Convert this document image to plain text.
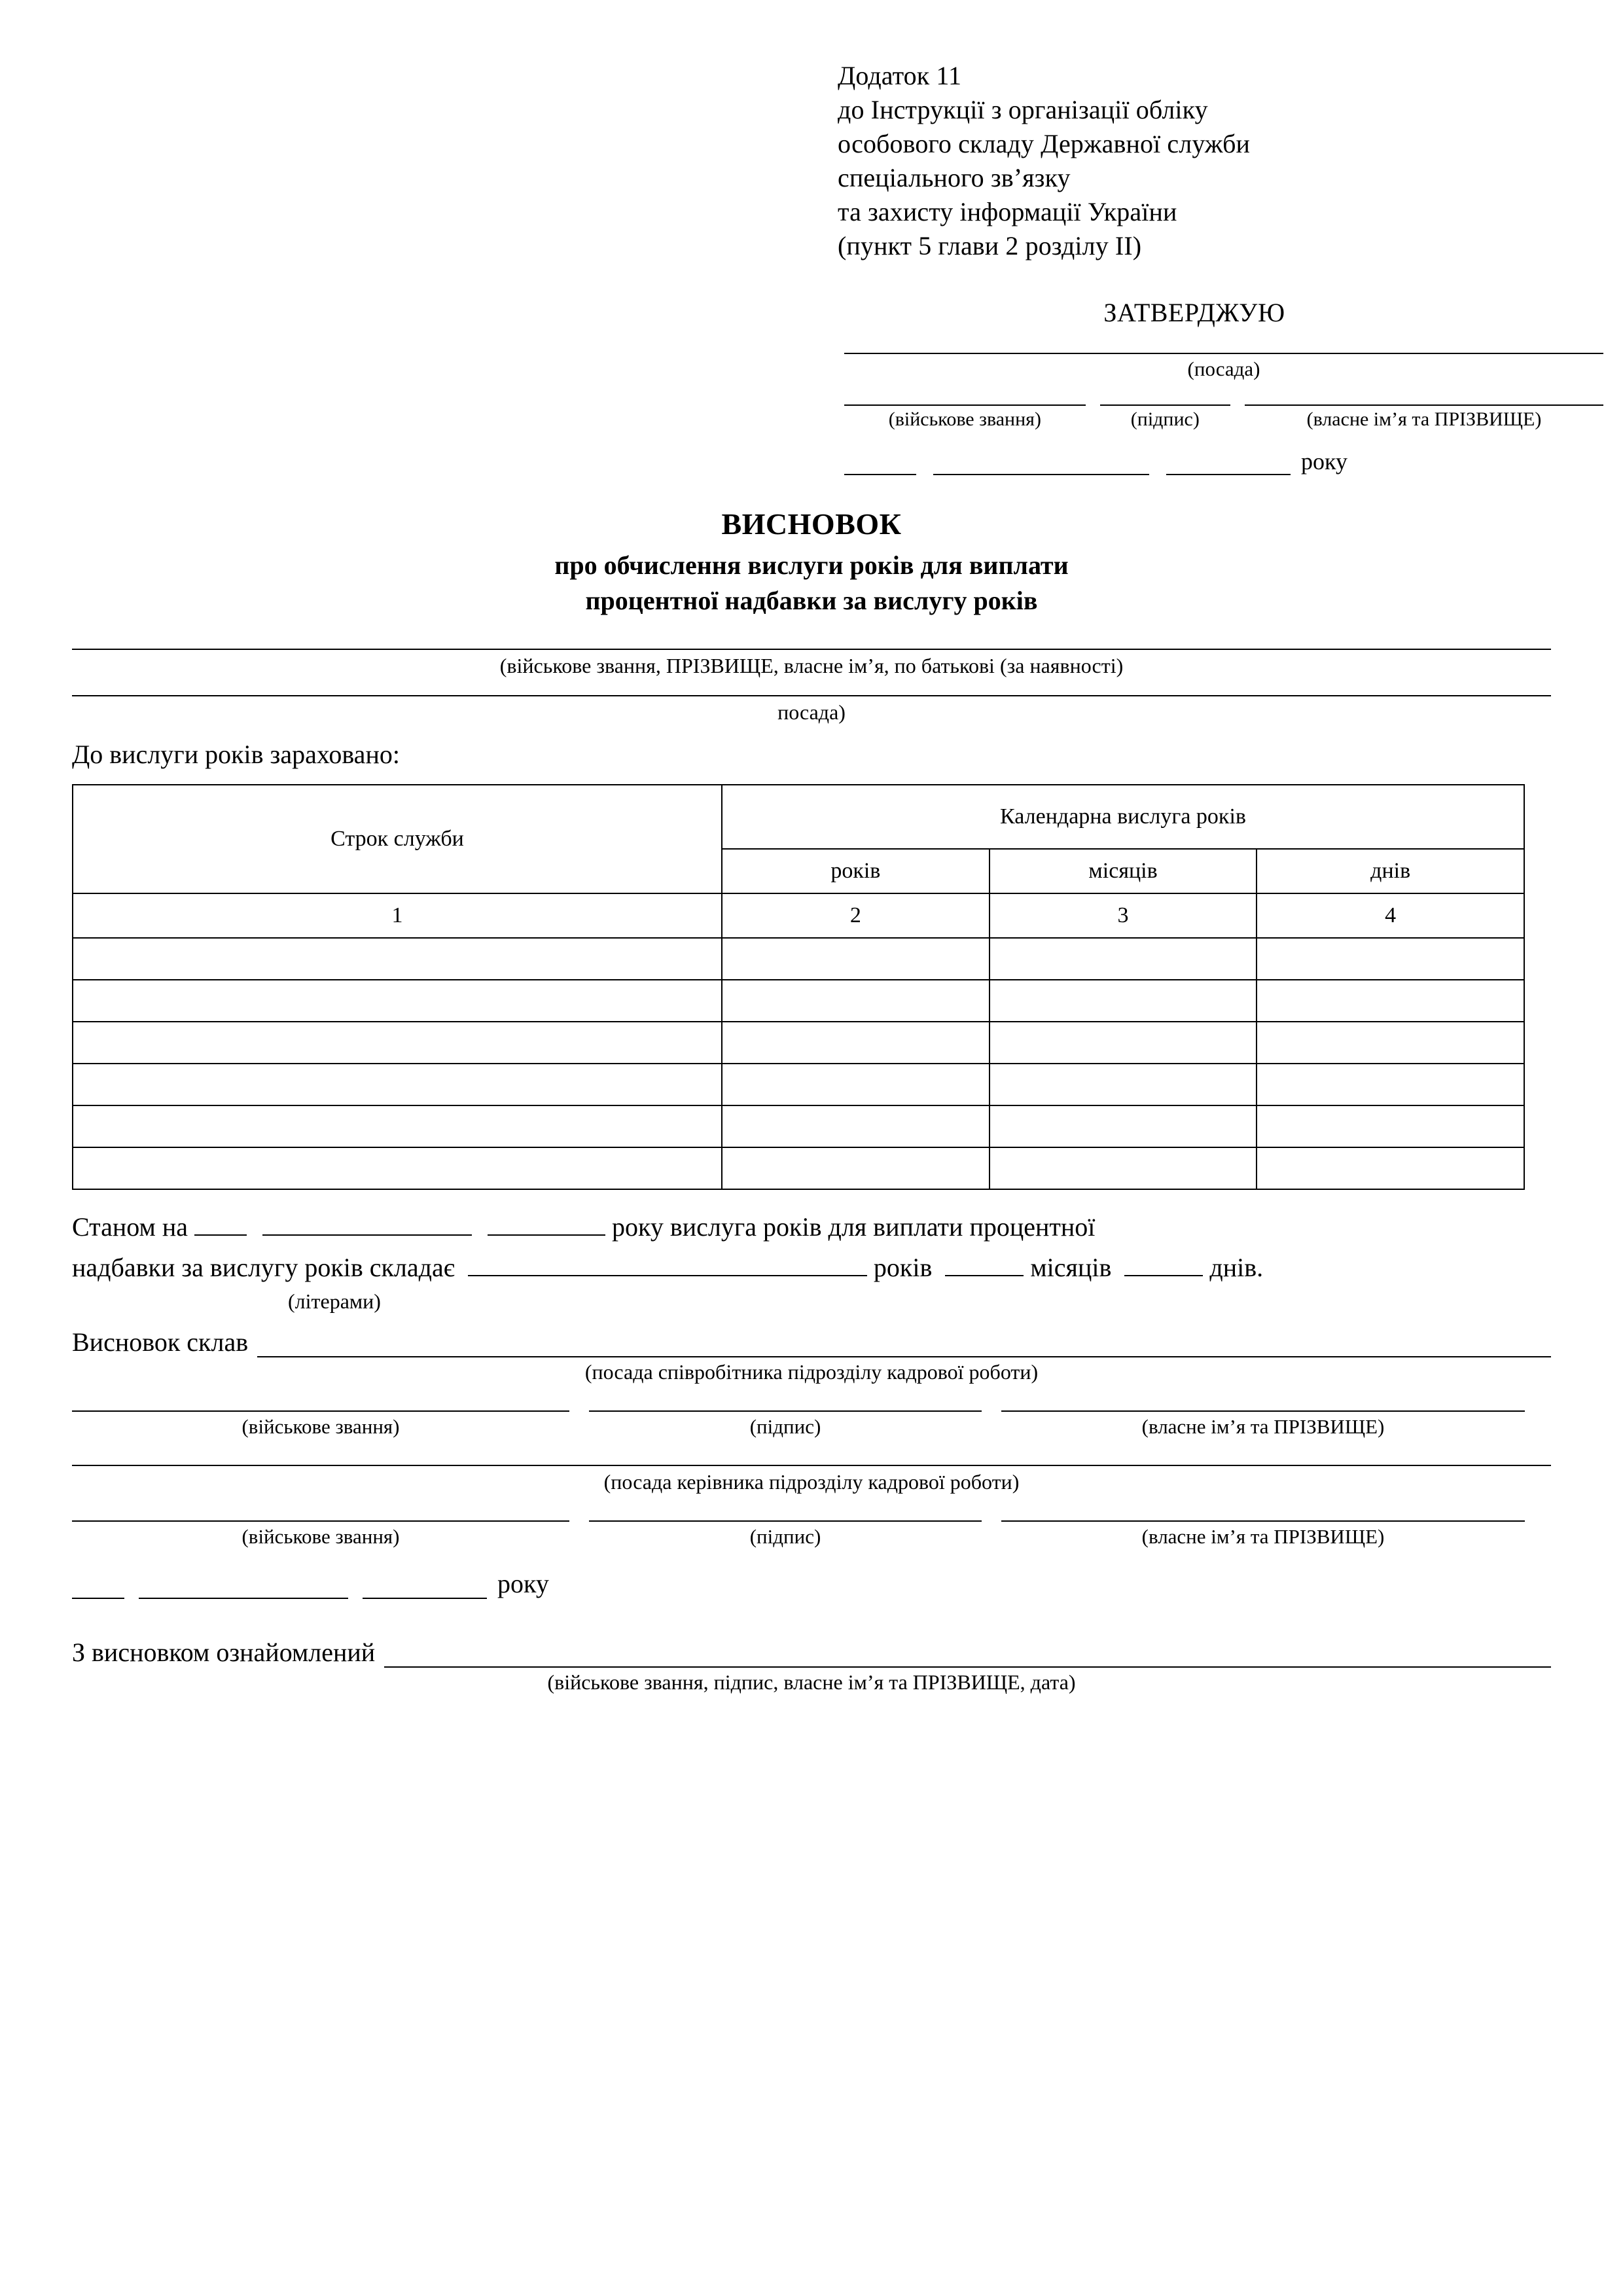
Додаток 11
до Інструкції з організації обліку
особового складу Державної служби
спеціального зв’язку
та захисту інформації України
(пункт 5 глави 2 розділу II)
ЗАТВЕРДЖУЮ
(посада)
(військове звання)	(підпис)	(власне ім’я та ПРІЗВИЩЕ)
року
ВИСНОВОК
про обчислення вислуги років для виплати
процентної надбавки за вислугу років
(військове звання, ПРІЗВИЩЕ, власне ім’я, по батькові (за наявності)
посада)
До вислуги років зараховано:
Строк служби	Календарна вислуга років		
	років	місяців	днів
1	2	3	4

Станом на	року вислуга років для виплати процентної
надбавки за вислугу років складає	років	місяців	днів.
(літерами)
Висновок склав
(посада співробітника підрозділу кадрової роботи)
(військове звання)	(підпис)	(власне ім’я та ПРІЗВИЩЕ)
(посада керівника підрозділу кадрової роботи)
(військове звання)	(підпис)	(власне ім’я та ПРІЗВИЩЕ)
року
З висновком ознайомлений
(військове звання, підпис, власне ім’я та ПРІЗВИЩЕ, дата)
